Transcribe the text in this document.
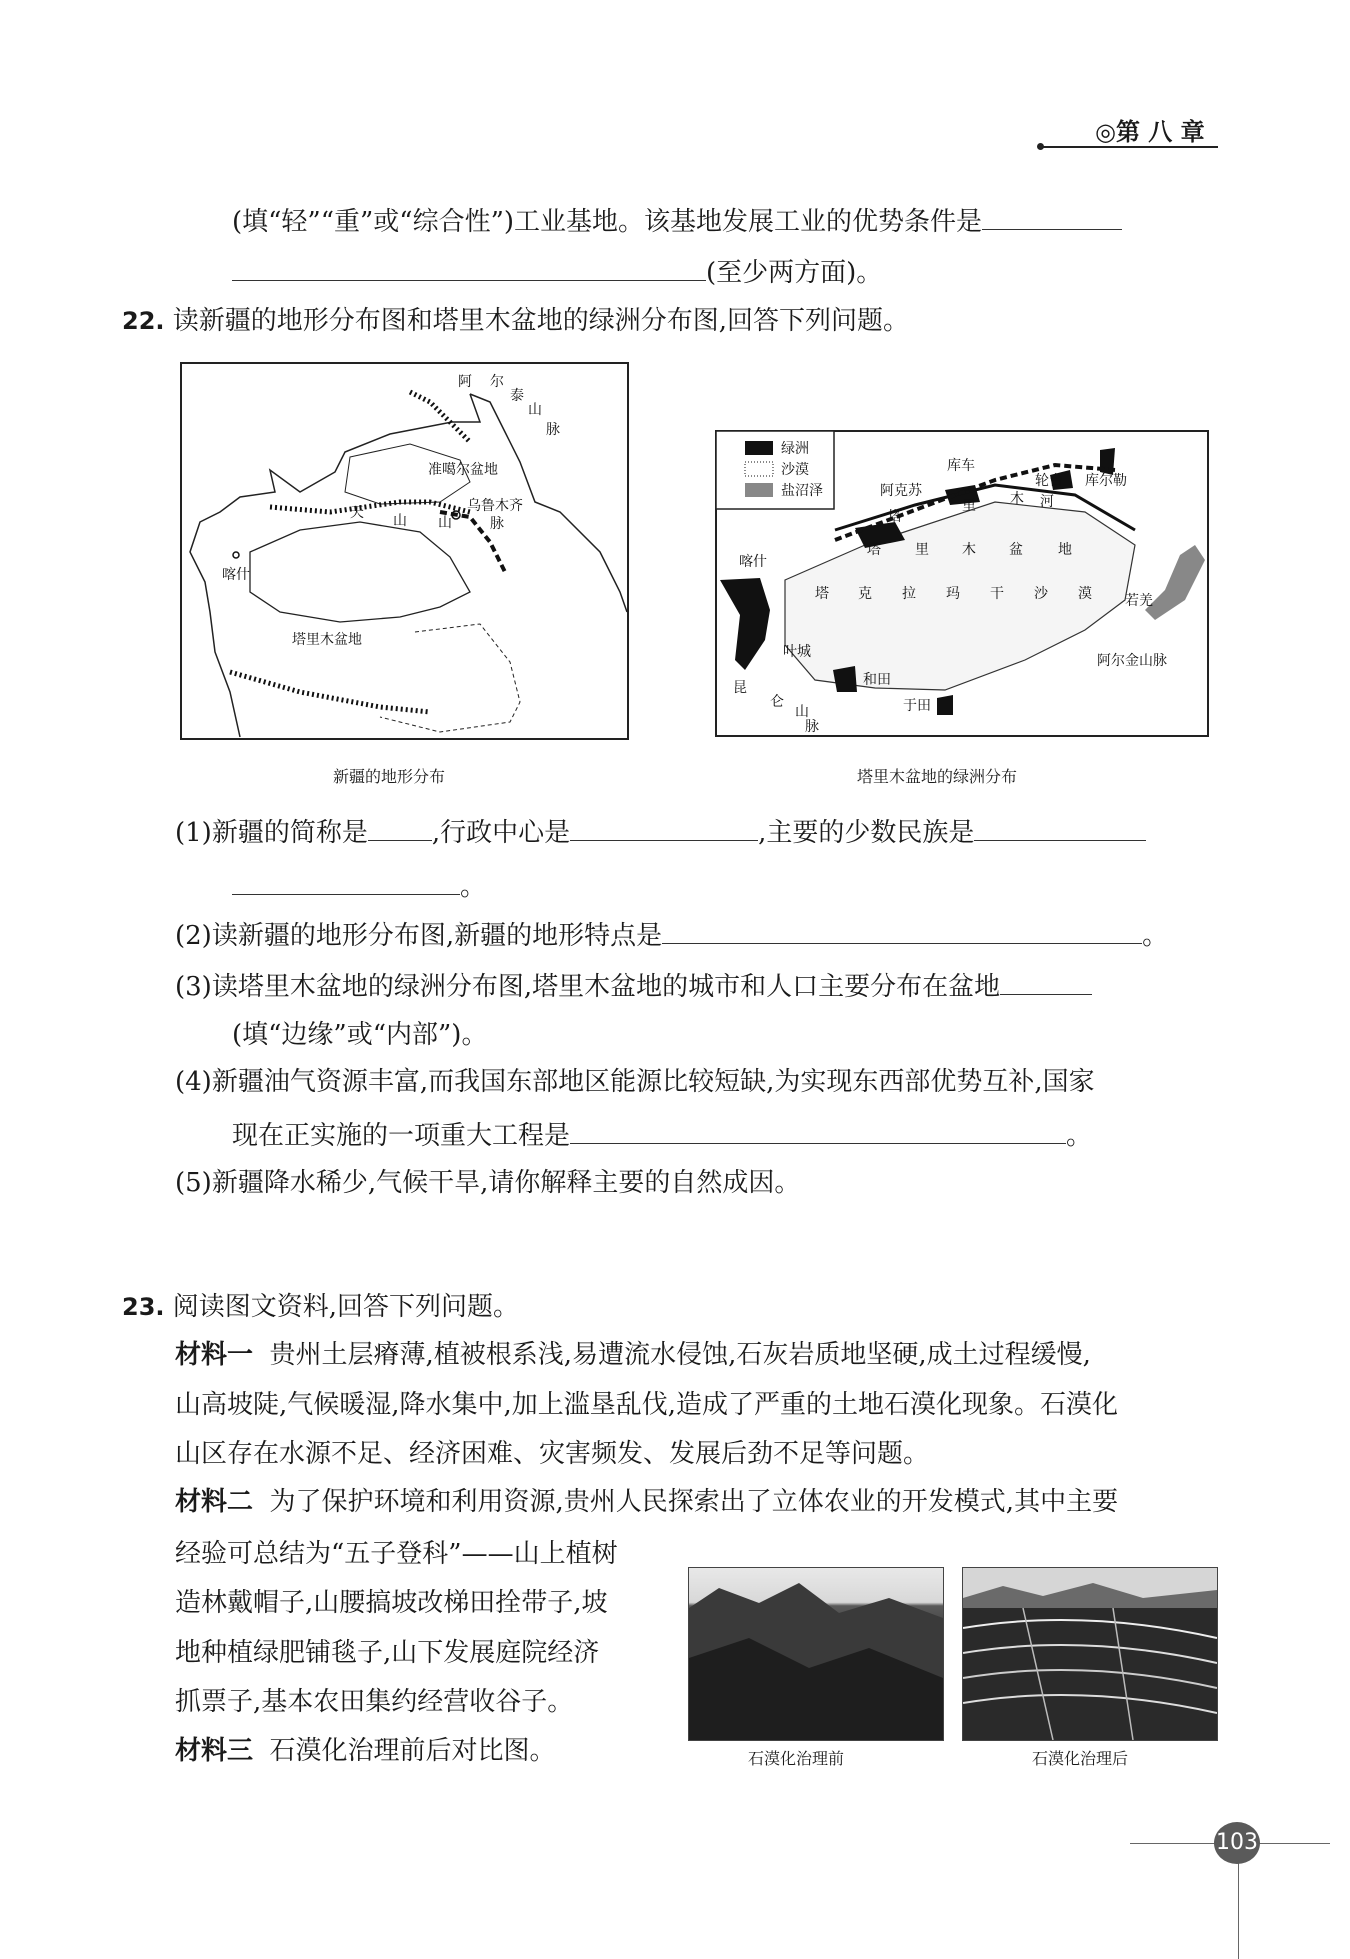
◎第 八 章
(填“轻”“重”或“综合性”)工业基地。该基地发展工业的优势条件是
(至少两方面)。
22. 读新疆的地形分布图和塔里木盆地的绿洲分布图,回答下列问题。
阿 尔
泰
山
脉
准噶尔盆地
乌鲁木齐
天 山 山	脉
喀什
塔里木盆地
新疆的地形分布
绿洲
沙漠
盐沼泽
库车
轮台 库尔勒
阿克苏
喀什
塔
里 木 河
塔 里 木 盆	地
塔 克 拉 玛 干 沙 漠 若羌
阿尔金山脉
叶城
和田
于田
昆
仑
山
脉
塔里木盆地的绿洲分布
(1)新疆的简称是 ,行政中心是	,主要的少数民族是
。
(2)读新疆的地形分布图,新疆的地形特点是	。
(3)读塔里木盆地的绿洲分布图,塔里木盆地的城市和人口主要分布在盆地
(填“边缘”或“内部”)。
(4)新疆油气资源丰富,而我国东部地区能源比较短缺,为实现东西部优势互补,国家
现在正实施的一项重大工程是	。
(5)新疆降水稀少,气候干旱,请你解释主要的自然成因。
23. 阅读图文资料,回答下列问题。
材料一 贵州土层瘠薄,植被根系浅,易遭流水侵蚀,石灰岩质地坚硬,成土过程缓慢,
山高坡陡,气候暖湿,降水集中,加上滥垦乱伐,造成了严重的土地石漠化现象。石漠化
山区存在水源不足、经济困难、灾害频发、发展后劲不足等问题。
材料二 为了保护环境和利用资源,贵州人民探索出了立体农业的开发模式,其中主要
经验可总结为“五子登科”——山上植树
造林戴帽子,山腰搞坡改梯田拴带子,坡
地种植绿肥铺毯子,山下发展庭院经济
抓票子,基本农田集约经营收谷子。
材料三 石漠化治理前后对比图。	石漠化治理前	石漠化治理后
103
